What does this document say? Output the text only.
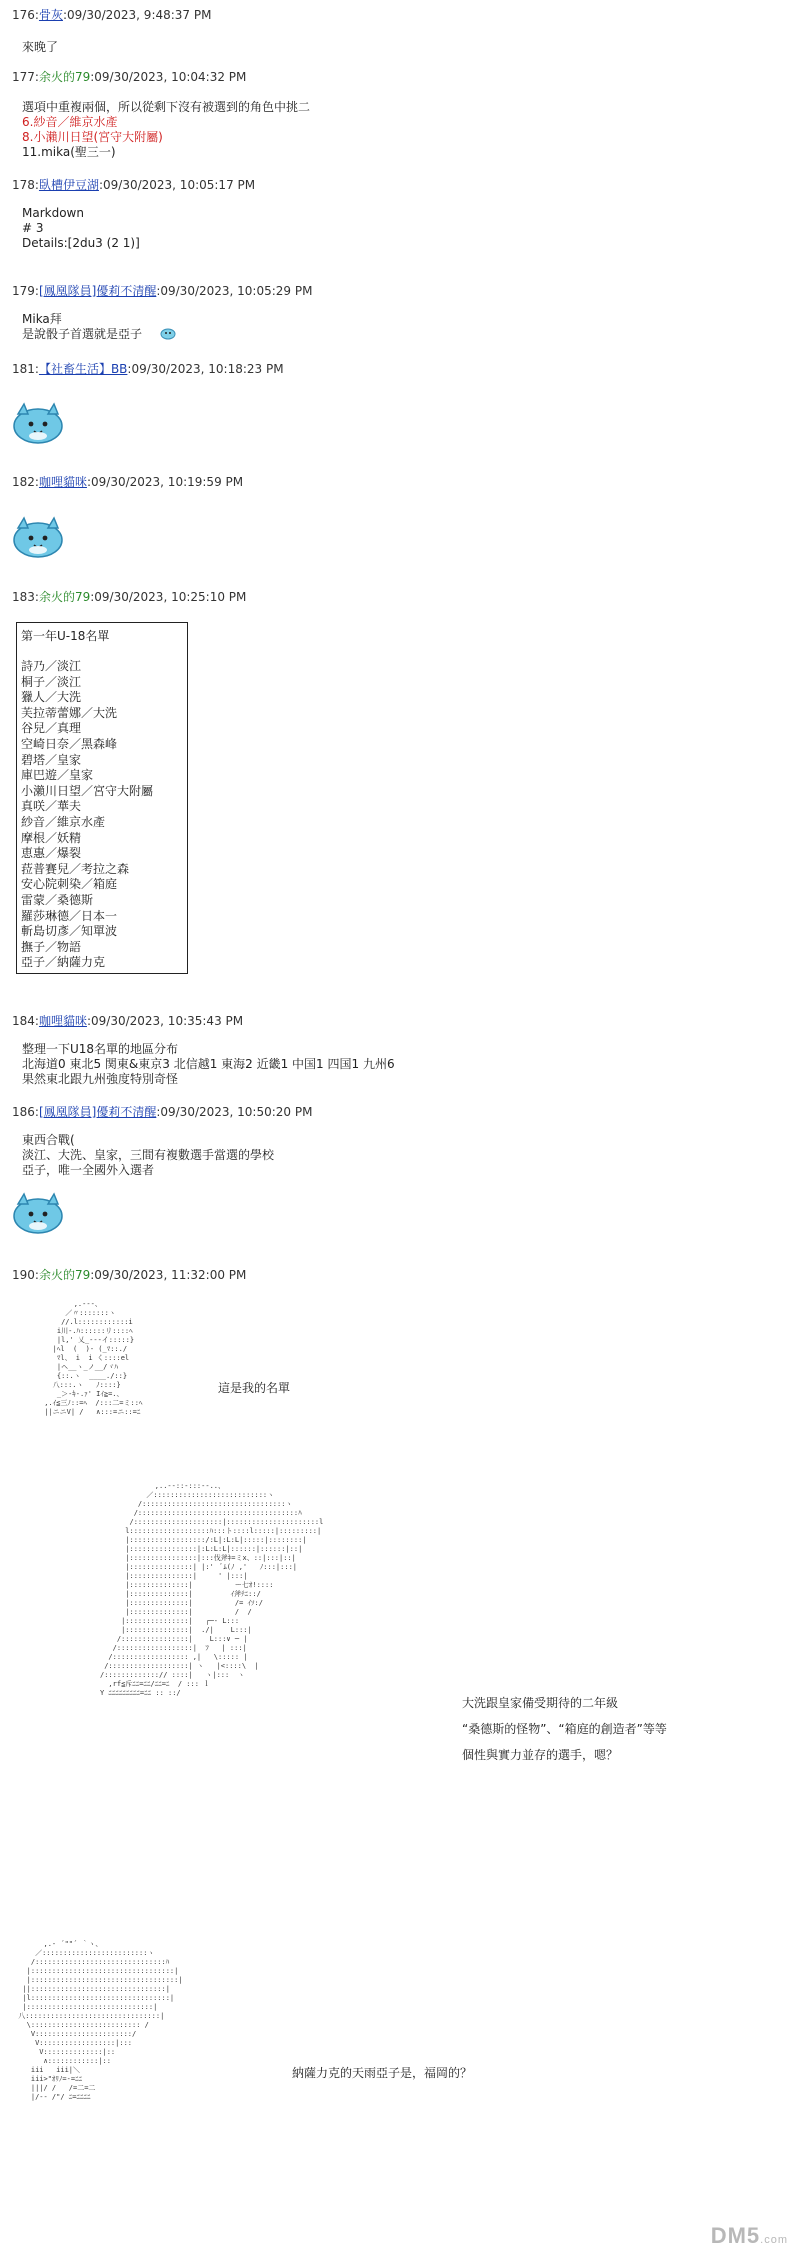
176:骨灰:09/30/2023, 9:48:37 PM
來晚了
177:余火的79:09/30/2023, 10:04:32 PM
選項中重複兩個，所以從剩下沒有被選到的角色中挑二
6.紗音／維京水產
8.小瀨川日望(宮守大附屬)
11.mika(聖三一)
178:臥槽伊豆湖:09/30/2023, 10:05:17 PM
Markdown
# 3
Details:[2du3 (2 1)]
179:[鳳凰隊員]優莉不清醒:09/30/2023, 10:05:29 PM
Mika拜
是說骰子首選就是亞子
181:【社畜生活】BB:09/30/2023, 10:18:23 PM
182:咖哩貓咪:09/30/2023, 10:19:59 PM
183:余火的79:09/30/2023, 10:25:10 PM
第一年U-18名單
詩乃／淡江
桐子／淡江
獵人／大洗
芙拉蒂蕾娜／大洗
谷兒／真理
空崎日奈／黑森峰
碧塔／皇家
庫巴遊／皇家
小瀨川日望／宮守大附屬
真咲／華夫
紗音／維京水產
摩根／妖精
恵惠／爆裂
菈普賽兒／考拉之森
安心院刺染／箱庭
雷蒙／桑德斯
羅莎琳德／日本一
斬島切彥／知單波
撫子／物語
亞子／納薩力克
184:咖哩貓咪:09/30/2023, 10:35:43 PM
整理一下U18名單的地區分布
北海道0 東北5 関東&東京3 北信越1 東海2 近畿1 中国1 四国1 九州6
果然東北跟九州強度特別奇怪
186:[鳳凰隊員]優莉不清醒:09/30/2023, 10:50:20 PM
東西合戰(
淡江、大洗、皇家，三間有複數選手當選的學校
亞子，唯一全國外入選者
190:余火的79:09/30/2023, 11:32:00 PM
,.-‐-、
／〃:::::::ヽ
//.l::::::::::::i
i川-.ﾊ::::::リ::::ﾍ
|l,' 乂_-‐-イ:::::}
|ﾍl  (  )- (_ﾏ::./
ﾏl、 i  i く::::el
|ヘ__ヽ_ノ__/ヾﾊ
{::.ヽ  ____./::}
八:::.ヽ   ﾉ::::}
_＞-ｷ-.ｧ' Iｲ≧=.、
,.ｲ≦三ﾉ::=ﾍ  /:::二=ミ::ﾍ
||ニニV| /   ∧:::=ニ::=ﾆ
這是我的名單
,..-‐::‐:::‐-..、
／:::::::::::::::::::::::::::ヽ
/::::::::::::::::::::::::::::::::::ヽ
/::::::::::::::::::::::::::::::::::::::ﾊ
/:::::::::::::::::::::|::::::::::::::::::::::l
l:::::::::::::::::::ﾊ:::ト::::l:::::|:::::::::|
|::::::::::::::::::/:L|:L:L|:::::|::::::::|
|::::::::::::::::|:L:L:L|::::::|::::::|::|
|::::::::::::::::|:::伐斧ｷ=ミx、::|:::|::|
|:::::::::::::::| |:'  ﾞﾑ(ﾉ ,'   ﾉ:::|:::|
|:::::::::::::::|     ' |:::|
|::::::::::::::|          ー七ｵ!::::
|::::::::::::::|         ｲ斧ﾃﾆ::/
|::::::::::::::|          /= ｲｿ:/
|::::::::::::::|          /  /
|:::::::::::::::|   ┌─‐ L:::
|:::::::::::::::|  ./|    L:::|
/::::::::::::::::|    L:::∨ ─ |
/::::::::::::::::::|  ﾌ   | :::|
/:::::::::::::::::: ,|   \::::: |
/:::::::::::::::::::| ヽ   |<::::\  |
/:::::::::::::// ::::|   ヽ|:::  ヽ
,rf≦斥ﾆﾆ=ﾆﾆ/ﾆﾆ=ﾆ  / ::: ｌ
Y ﾆﾆﾆﾆﾆﾆﾆﾆﾆ=ﾆﾆ :: ::/
大洗跟皇家備受期待的二年級
“桑德斯的怪物”、“箱庭的創造者”等等
個性與實力並存的選手，嗯？
,.- ´""´ ｀ヽ、
／:::::::::::::::::::::::::ヽ
/:::::::::::::::::::::::::::::::ﾊ
|::::::::::::::::::::::::::::::::::|
|:::::::::::::::::::::::::::::::::::|
||::::::::::::::::::::::::::::::::|
|l:::::::::::::::::::::::::::::::::|
|::::::::::::::::::::::::::::::|
八::::::::::::::::::::::::::::::::|
\:::::::::::::::::::::::::: /
V:::::::::::::::::::::::/
V::::::::::::::::::|:::
V::::::::::::::|::
∧::::::::::::|::
iii   iii|＼
iii>"ｵﾘﾉ=-=ﾆﾆ
|||/ /   /=二=二
|/-- /"/ ﾆ=ﾆﾆﾆﾆ
納薩力克的天雨亞子是，福岡的？
DM5.com
